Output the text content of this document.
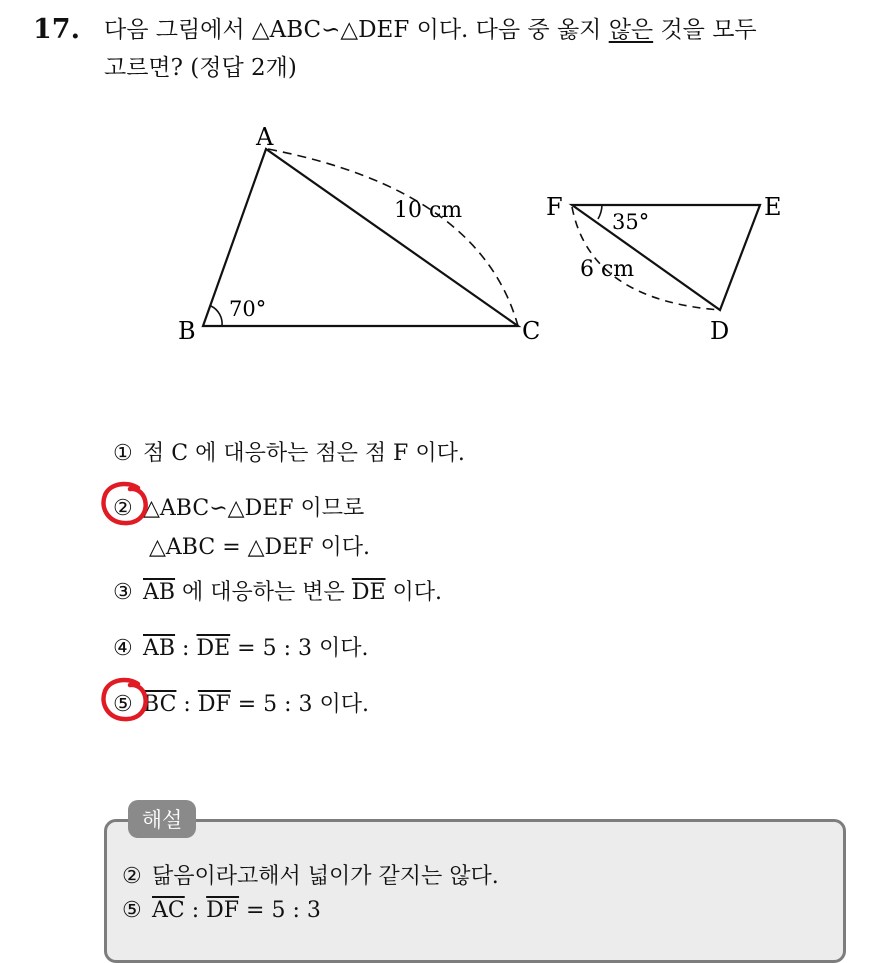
17. 다음 그림에서 △ABC∽△DEF 이다. 다음 중 옳지 않은 것을 모두
고르면? (정답 2개)
A
B	C
70°
10 cm	F	E
D
35°
6 cm
① 점 C 에 대응하는 점은 점 F 이다.
② △ABC∽△DEF 이므로
△ABC = △DEF 이다.
③ $\overline{AB}$ 에 대응하는 변은 $\overline{DE}$ 이다.
④ $\overline{AB}$ : $\overline{DE} = 5$ : 3 이다.
⑤ $\overline{BC}$ : $\overline{DF} = 5$ : 3 이다.
해설
② 닮음이라고해서 넓이가 같지는 않다.
⑤ $\overline{AC}$ : $\overline{DF} = 5$ : 3
